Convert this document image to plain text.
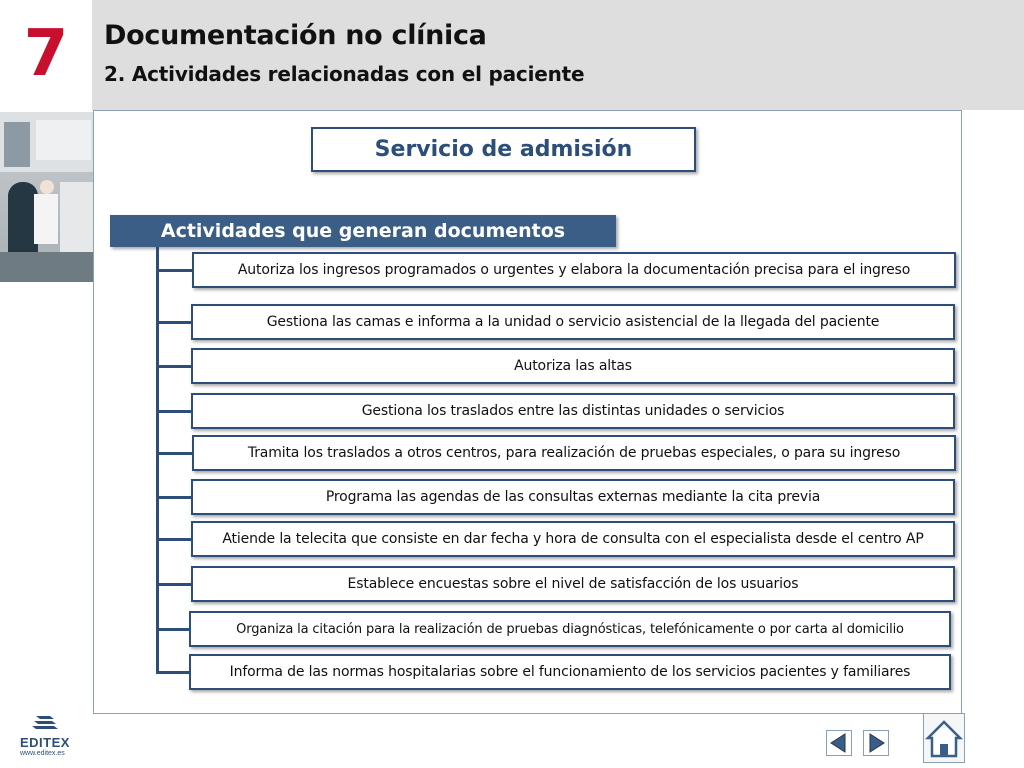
7	Documentación no clínica
2. Actividades relacionadas con el paciente
Servicio de admisión
Actividades que generan documentos
Autoriza los ingresos programados o urgentes y elabora la documentación precisa para el ingreso
Gestiona las camas e informa a la unidad o servicio asistencial de la llegada del paciente
Autoriza las altas
Gestiona los traslados entre las distintas unidades o servicios
Tramita los traslados a otros centros, para realización de pruebas especiales, o para su ingreso
Programa las agendas de las consultas externas mediante la cita previa
Atiende la telecita que consiste en dar fecha y hora de consulta con el especialista desde el centro AP
Establece encuestas sobre el nivel de satisfacción de los usuarios
Organiza la citación para la realización de pruebas diagnósticas, telefónicamente o por carta al domicilio
Informa de las normas hospitalarias sobre el funcionamiento de los servicios pacientes y familiares
EDITEX
www.editex.es
